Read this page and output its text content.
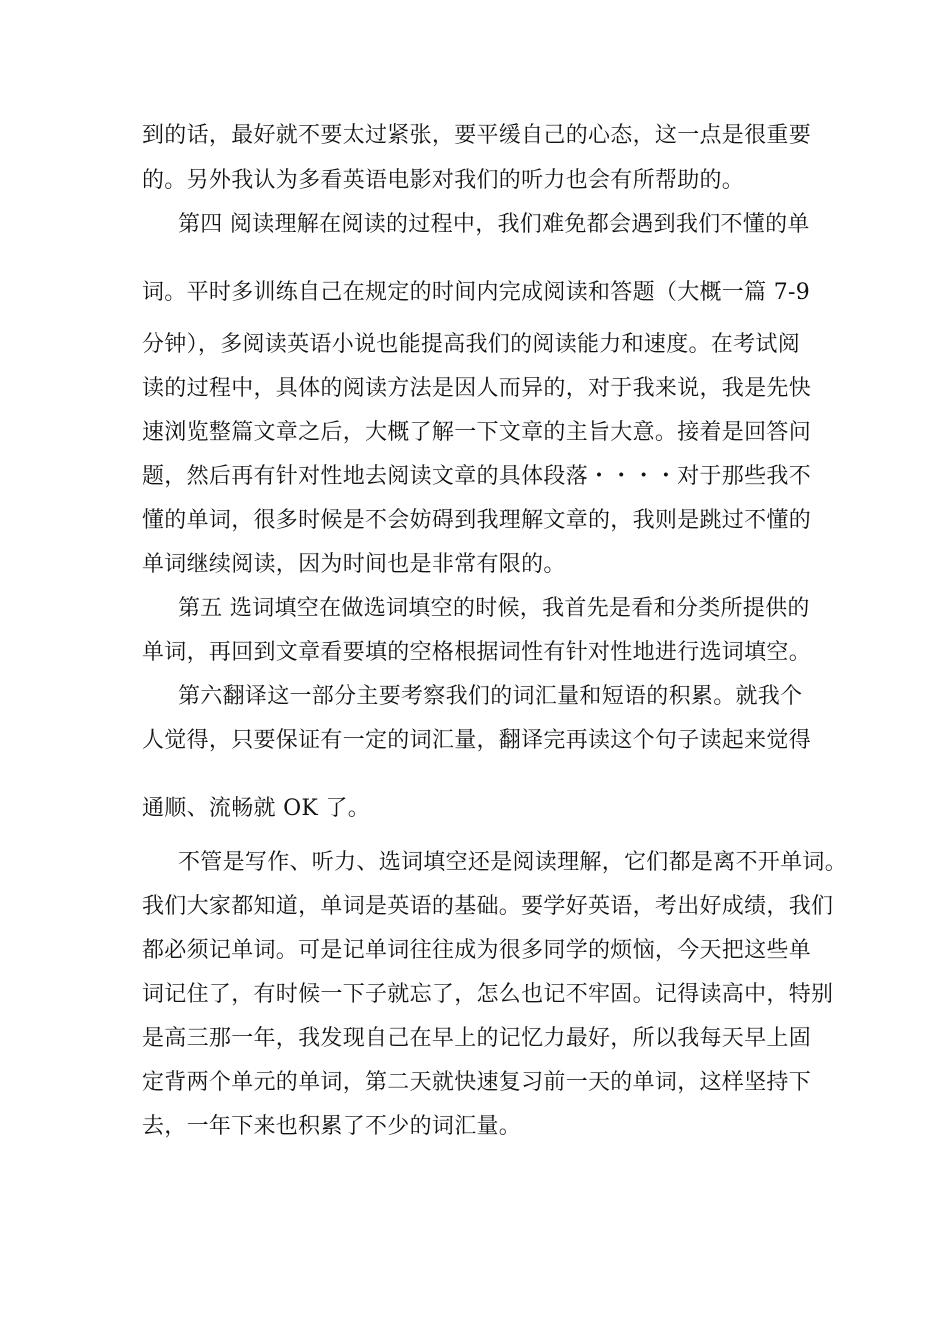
到的话，最好就不要太过紧张，要平缓自己的心态，这一点是很重要
的。另外我认为多看英语电影对我们的听力也会有所帮助的。
第四 阅读理解在阅读的过程中，我们难免都会遇到我们不懂的单
词。平时多训练自己在规定的时间内完成阅读和答题（大概一篇 7-9
分钟），多阅读英语小说也能提高我们的阅读能力和速度。在考试阅
读的过程中，具体的阅读方法是因人而异的，对于我来说，我是先快
速浏览整篇文章之后，大概了解一下文章的主旨大意。接着是回答问
题，然后再有针对性地去阅读文章的具体段落・・・・对于那些我不
懂的单词，很多时候是不会妨碍到我理解文章的，我则是跳过不懂的
单词继续阅读，因为时间也是非常有限的。
第五 选词填空在做选词填空的时候，我首先是看和分类所提供的
单词，再回到文章看要填的空格根据词性有针对性地进行选词填空。
第六翻译这一部分主要考察我们的词汇量和短语的积累。就我个
人觉得，只要保证有一定的词汇量，翻译完再读这个句子读起来觉得
通顺、流畅就 OK 了。
不管是写作、听力、选词填空还是阅读理解，它们都是离不开单词。
我们大家都知道，单词是英语的基础。要学好英语，考出好成绩，我们
都必须记单词。可是记单词往往成为很多同学的烦恼，今天把这些单
词记住了，有时候一下子就忘了，怎么也记不牢固。记得读高中，特别
是高三那一年，我发现自己在早上的记忆力最好，所以我每天早上固
定背两个单元的单词，第二天就快速复习前一天的单词，这样坚持下
去，一年下来也积累了不少的词汇量。
